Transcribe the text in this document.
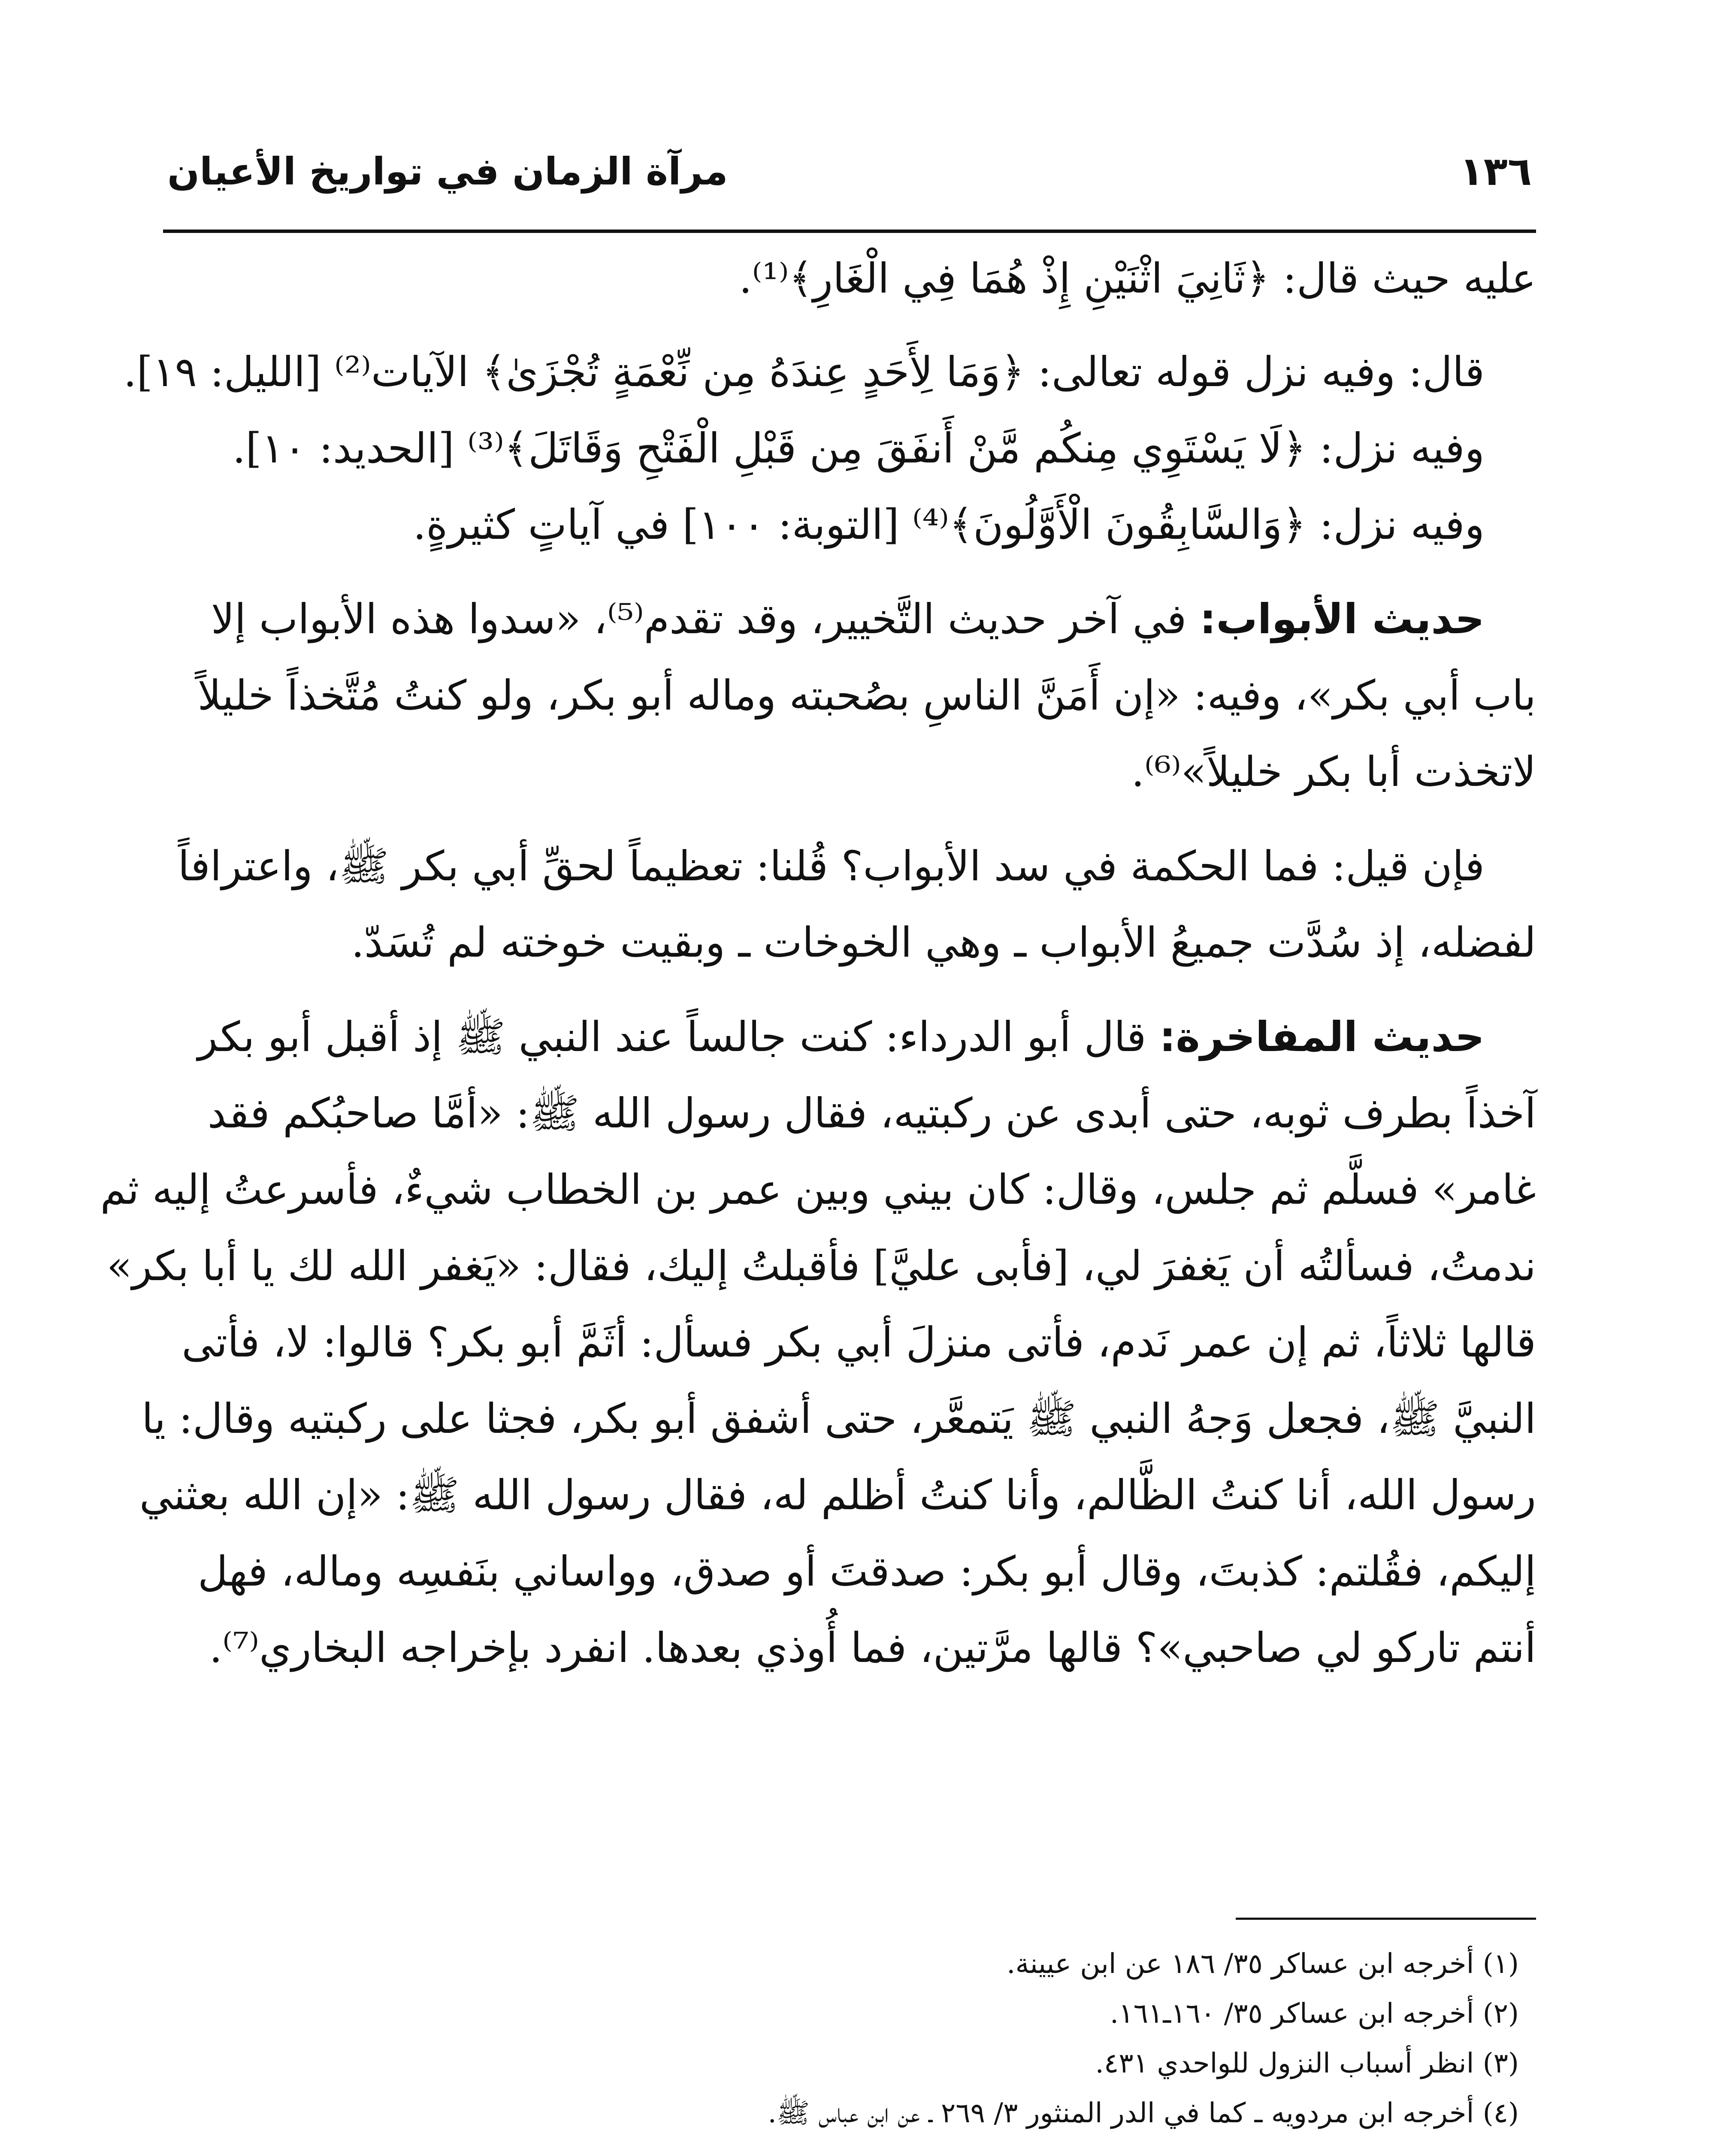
١٣٦
مرآة الزمان في تواريخ الأعيان

عليه حيث قال: ﴿ثَانِيَ اثْنَيْنِ إِذْ هُمَا فِي الْغَارِ﴾⁽¹⁾.

قال: وفيه نزل قوله تعالى: ﴿وَمَا لِأَحَدٍ عِندَهُ مِن نِّعْمَةٍ تُجْزَىٰ﴾ الآيات⁽²⁾ [الليل: ١٩].

وفيه نزل: ﴿لَا يَسْتَوِي مِنكُم مَّنْ أَنفَقَ مِن قَبْلِ الْفَتْحِ وَقَاتَلَ﴾⁽³⁾ [الحديد: ١٠].

وفيه نزل: ﴿وَالسَّابِقُونَ الْأَوَّلُونَ﴾⁽⁴⁾ [التوبة: ١٠٠] في آياتٍ كثيرةٍ.

حديث الأبواب: في آخر حديث التَّخيير، وقد تقدم⁽⁵⁾، «سدوا هذه الأبواب إلا

باب أبي بكر»، وفيه: «إن أَمَنَّ الناسِ بصُحبته وماله أبو بكر، ولو كنتُ مُتَّخذاً خليلاً

لاتخذت أبا بكر خليلاً»⁽⁶⁾.

فإن قيل: فما الحكمة في سد الأبواب؟ قُلنا: تعظيماً لحقِّ أبي بكر ﷺ، واعترافاً

لفضله، إذ سُدَّت جميعُ الأبواب ـ وهي الخوخات ـ وبقيت خوخته لم تُسَدّ.

حديث المفاخرة: قال أبو الدرداء: كنت جالساً عند النبي ﷺ إذ أقبل أبو بكر

آخذاً بطرف ثوبه، حتى أبدى عن ركبتيه، فقال رسول الله ﷺ: «أمَّا صاحبُكم فقد

غامر» فسلَّم ثم جلس، وقال: كان بيني وبين عمر بن الخطاب شيءٌ، فأسرعتُ إليه ثم

ندمتُ، فسألتُه أن يَغفرَ لي، [فأبى عليَّ] فأقبلتُ إليك، فقال: «يَغفر الله لك يا أبا بكر»

قالها ثلاثاً، ثم إن عمر نَدم، فأتى منزلَ أبي بكر فسأل: أثَمَّ أبو بكر؟ قالوا: لا، فأتى

النبيَّ ﷺ، فجعل وَجهُ النبي ﷺ يَتمعَّر، حتى أشفق أبو بكر، فجثا على ركبتيه وقال: يا

رسول الله، أنا كنتُ الظَّالم، وأنا كنتُ أظلم له، فقال رسول الله ﷺ: «إن الله بعثني

إليكم، فقُلتم: كذبتَ، وقال أبو بكر: صدقتَ أو صدق، وواساني بنَفسِه وماله، فهل

أنتم تاركو لي صاحبي»؟ قالها مرَّتين، فما أُوذي بعدها. انفرد بإخراجه البخاري⁽⁷⁾.

(١) أخرجه ابن عساكر ٣٥/ ١٨٦ عن ابن عيينة.

(٢) أخرجه ابن عساكر ٣٥/ ١٦٠ـ١٦١.

(٣) انظر أسباب النزول للواحدي ٤٣١.

(٤) أخرجه ابن مردويه ـ كما في الدر المنثور ٣/ ٢٦٩ ـ عن ابن عباس ﷺ.
